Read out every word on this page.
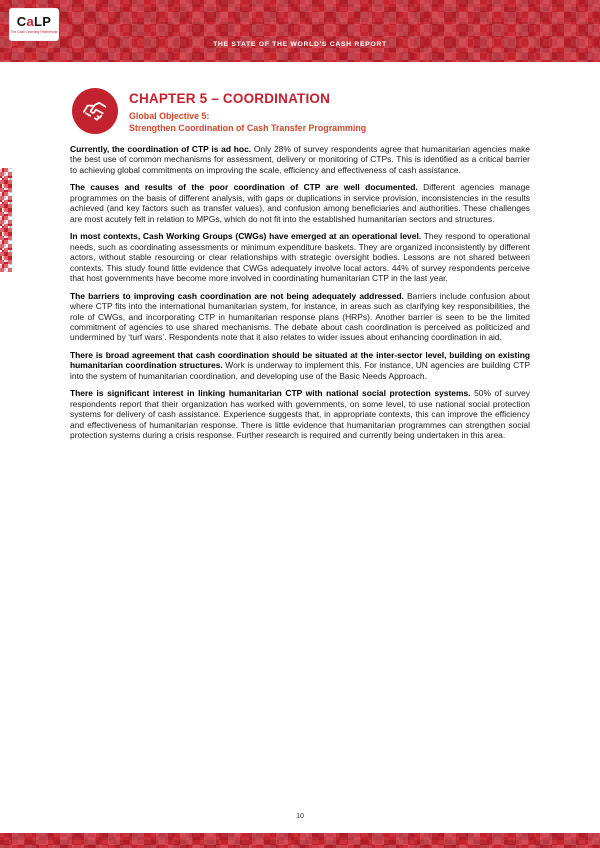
CaLP
The Cash Learning Partnership
THE STATE OF THE WORLD'S CASH REPORT
CHAPTER 5 – COORDINATION
Global Objective 5:
Strengthen Coordination of Cash Transfer Programming

Currently, the coordination of CTP is ad hoc. Only 28% of survey respondents agree that humanitarian agencies make the best use of common mechanisms for assessment, delivery or monitoring of CTPs. This is identified as a critical barrier to achieving global commitments on improving the scale, efficiency and effectiveness of cash assistance.

The causes and results of the poor coordination of CTP are well documented. Different agencies manage programmes on the basis of different analysis, with gaps or duplications in service provision, inconsistencies in the results achieved (and key factors such as transfer values), and confusion among beneficiaries and authorities. These challenges are most acutely felt in relation to MPGs, which do not fit into the established humanitarian sectors and structures.

In most contexts, Cash Working Groups (CWGs) have emerged at an operational level. They respond to operational needs, such as coordinating assessments or minimum expenditure baskets. They are organized inconsistently by different actors, without stable resourcing or clear relationships with strategic oversight bodies. Lessons are not shared between contexts. This study found little evidence that CWGs adequately involve local actors. 44% of survey respondents perceive that host governments have become more involved in coordinating humanitarian CTP in the last year.

The barriers to improving cash coordination are not being adequately addressed. Barriers include confusion about where CTP fits into the international humanitarian system, for instance, in areas such as clarifying key responsibilities, the role of CWGs, and incorporating CTP in humanitarian response plans (HRPs). Another barrier is seen to be the limited commitment of agencies to use shared mechanisms. The debate about cash coordination is perceived as politicized and undermined by ‘turf wars’. Respondents note that it also relates to wider issues about enhancing coordination in aid.

There is broad agreement that cash coordination should be situated at the inter-sector level, building on existing humanitarian coordination structures. Work is underway to implement this. For instance, UN agencies are building CTP into the system of humanitarian coordination, and developing use of the Basic Needs Approach.

There is significant interest in linking humanitarian CTP with national social protection systems. 50% of survey respondents report that their organization has worked with governments, on some level, to use national social protection systems for delivery of cash assistance. Experience suggests that, in appropriate contexts, this can improve the efficiency and effectiveness of humanitarian response. There is little evidence that humanitarian programmes can strengthen social protection systems during a crisis response. Further research is required and currently being undertaken in this area.

10
